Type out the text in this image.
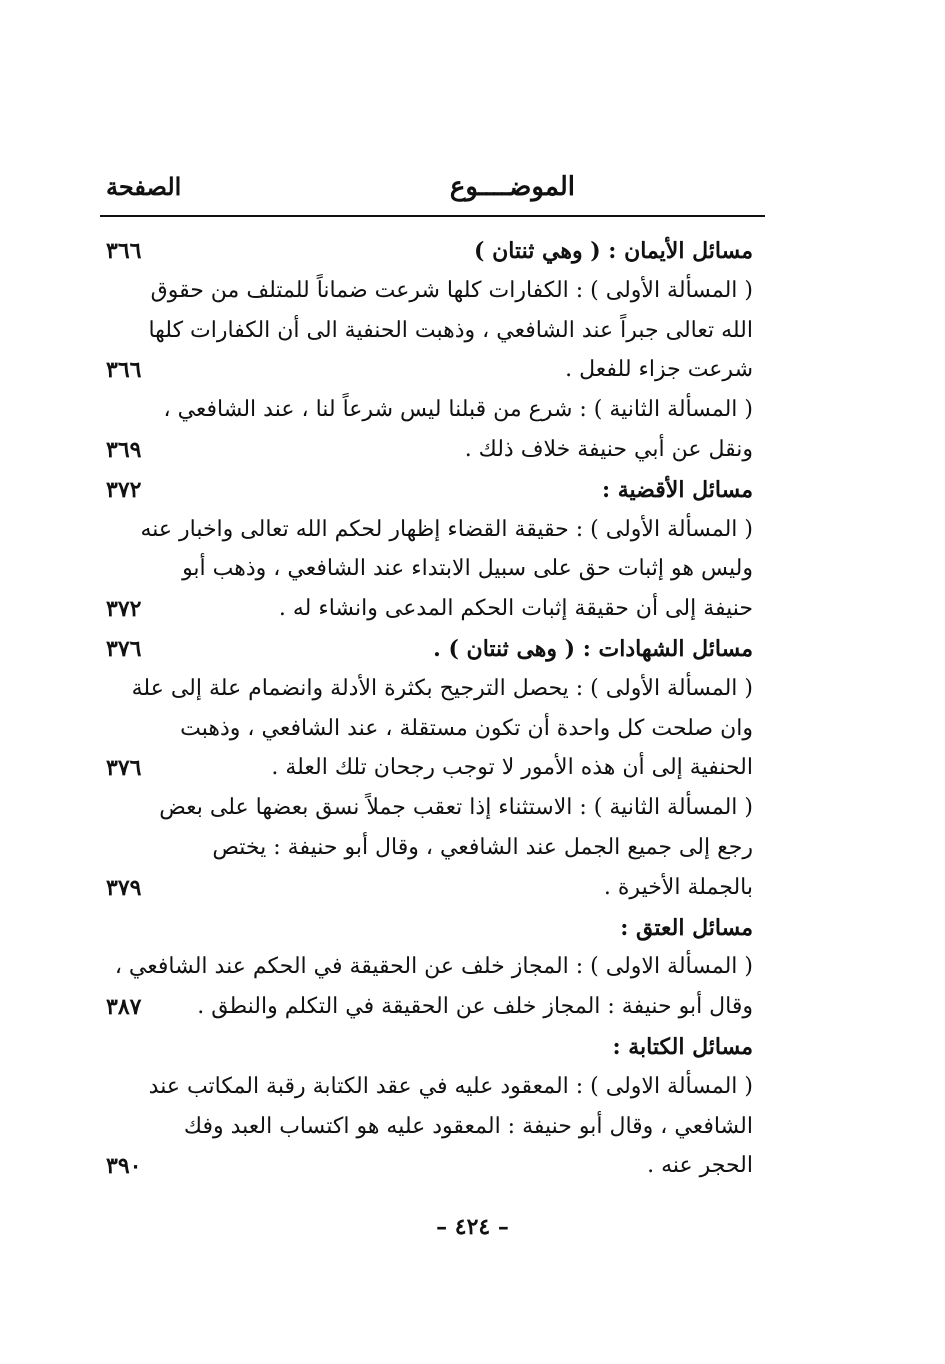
الموضــــوع
الصفحة
مسائل الأيمان : ( وهي ثنتان )
٣٦٦
( المسألة الأولى ) : الكفارات كلها شرعت ضماناً للمتلف من حقوق
الله تعالى جبراً عند الشافعي ، وذهبت الحنفية الى أن الكفارات كلها
شرعت جزاء للفعل .
٣٦٦
( المسألة الثانية ) : شرع من قبلنا ليس شرعاً لنا ، عند الشافعي ،
ونقل عن أبي حنيفة خلاف ذلك .
٣٦٩
مسائل الأقضية :
٣٧٢
( المسألة الأولى ) : حقيقة القضاء إظهار لحكم الله تعالى واخبار عنه
وليس هو إثبات حق على سبيل الابتداء عند الشافعي ، وذهب أبو
حنيفة إلى أن حقيقة إثبات الحكم المدعى وانشاء له .
٣٧٢
مسائل الشهادات : ( وهى ثنتان ) .
٣٧٦
( المسألة الأولى ) : يحصل الترجيح بكثرة الأدلة وانضمام علة إلى علة
وان صلحت كل واحدة أن تكون مستقلة ، عند الشافعي ، وذهبت
الحنفية إلى أن هذه الأمور لا توجب رجحان تلك العلة .
٣٧٦
( المسألة الثانية ) : الاستثناء إذا تعقب جملاً نسق بعضها على بعض
رجع إلى جميع الجمل عند الشافعي ، وقال أبو حنيفة : يختص
بالجملة الأخيرة .
٣٧٩
مسائل العتق :
( المسألة الاولى ) : المجاز خلف عن الحقيقة في الحكم عند الشافعي ،
وقال أبو حنيفة : المجاز خلف عن الحقيقة في التكلم والنطق .
٣٨٧
مسائل الكتابة :
( المسألة الاولى ) : المعقود عليه في عقد الكتابة رقبة المكاتب عند
الشافعي ، وقال أبو حنيفة : المعقود عليه هو اكتساب العبد وفك
الحجر عنه .
٣٩٠
– ٤٢٤ –
